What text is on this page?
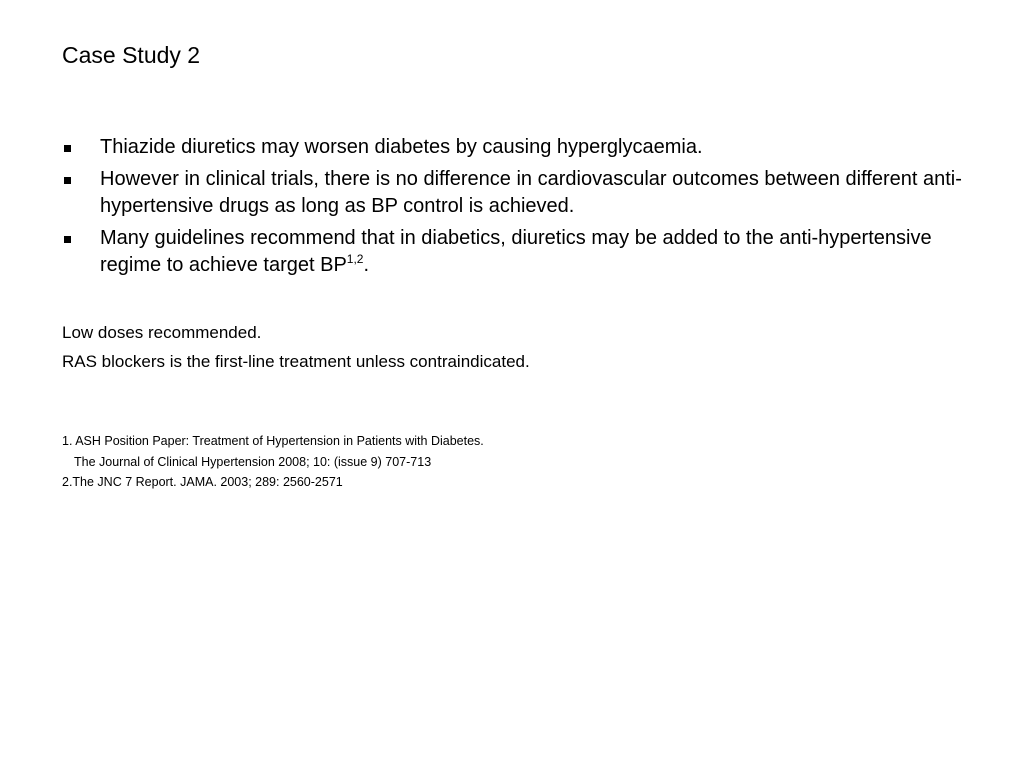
Case Study 2
Thiazide diuretics may worsen diabetes by causing hyperglycaemia.
However in clinical trials, there is no difference in cardiovascular outcomes between different anti-hypertensive drugs as long as BP control is achieved.
Many guidelines recommend that in diabetics, diuretics may be added to the anti-hypertensive regime to achieve target BP$^{1,2}$.

Low doses recommended.

RAS blockers is the first-line treatment unless contraindicated.

1. ASH Position Paper: Treatment of Hypertension in Patients with Diabetes.

The Journal of Clinical Hypertension 2008; 10: (issue 9) 707-713

2.The JNC 7 Report. JAMA. 2003; 289: 2560-2571
